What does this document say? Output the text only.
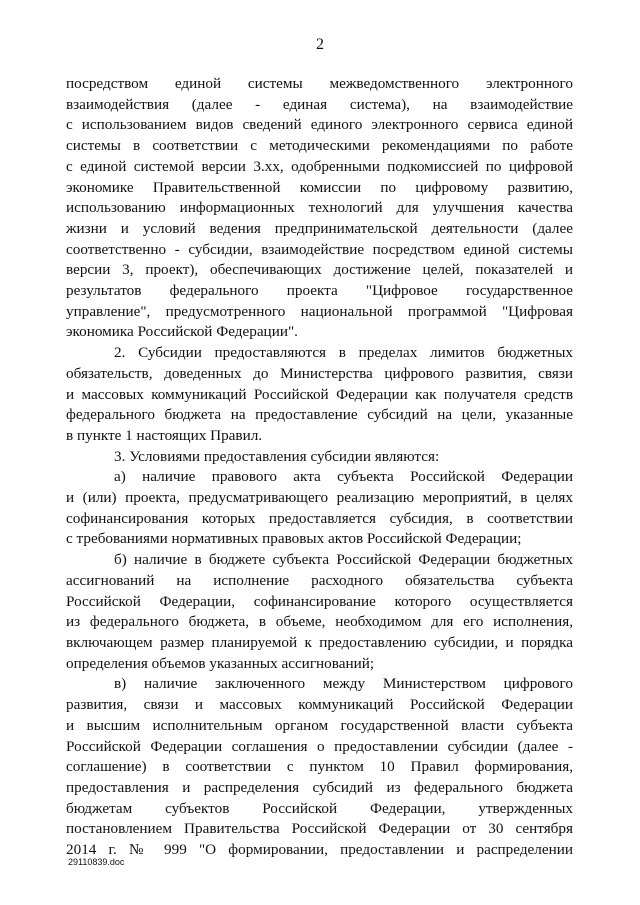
2

посредством единой системы межведомственного электронного
взаимодействия (далее - единая система), на взаимодействие
с использованием видов сведений единого электронного сервиса единой
системы в соответствии с методическими рекомендациями по работе
с единой системой версии 3.хх, одобренными подкомиссией по цифровой
экономике Правительственной комиссии по цифровому развитию,
использованию информационных технологий для улучшения качества
жизни и условий ведения предпринимательской деятельности (далее
соответственно - субсидии, взаимодействие посредством единой системы
версии 3, проект), обеспечивающих достижение целей, показателей и
результатов федерального проекта "Цифровое государственное
управление", предусмотренного национальной программой "Цифровая
экономика Российской Федерации".

2. Субсидии предоставляются в пределах лимитов бюджетных
обязательств, доведенных до Министерства цифрового развития, связи
и массовых коммуникаций Российской Федерации как получателя средств
федерального бюджета на предоставление субсидий на цели, указанные
в пункте 1 настоящих Правил.

3. Условиями предоставления субсидии являются:

а) наличие правового акта субъекта Российской Федерации
и (или) проекта, предусматривающего реализацию мероприятий, в целях
софинансирования которых предоставляется субсидия, в соответствии
с требованиями нормативных правовых актов Российской Федерации;

б) наличие в бюджете субъекта Российской Федерации бюджетных
ассигнований на исполнение расходного обязательства субъекта
Российской Федерации, софинансирование которого осуществляется
из федерального бюджета, в объеме, необходимом для его исполнения,
включающем размер планируемой к предоставлению субсидии, и порядка
определения объемов указанных ассигнований;

в) наличие заключенного между Министерством цифрового
развития, связи и массовых коммуникаций Российской Федерации
и высшим исполнительным органом государственной власти субъекта
Российской Федерации соглашения о предоставлении субсидии (далее -
соглашение) в соответствии с пунктом 10 Правил формирования,
предоставления и распределения субсидий из федерального бюджета
бюджетам субъектов Российской Федерации, утвержденных
постановлением Правительства Российской Федерации от 30 сентября
2014 г. № 999 "О формировании, предоставлении и распределении

29110839.doc
